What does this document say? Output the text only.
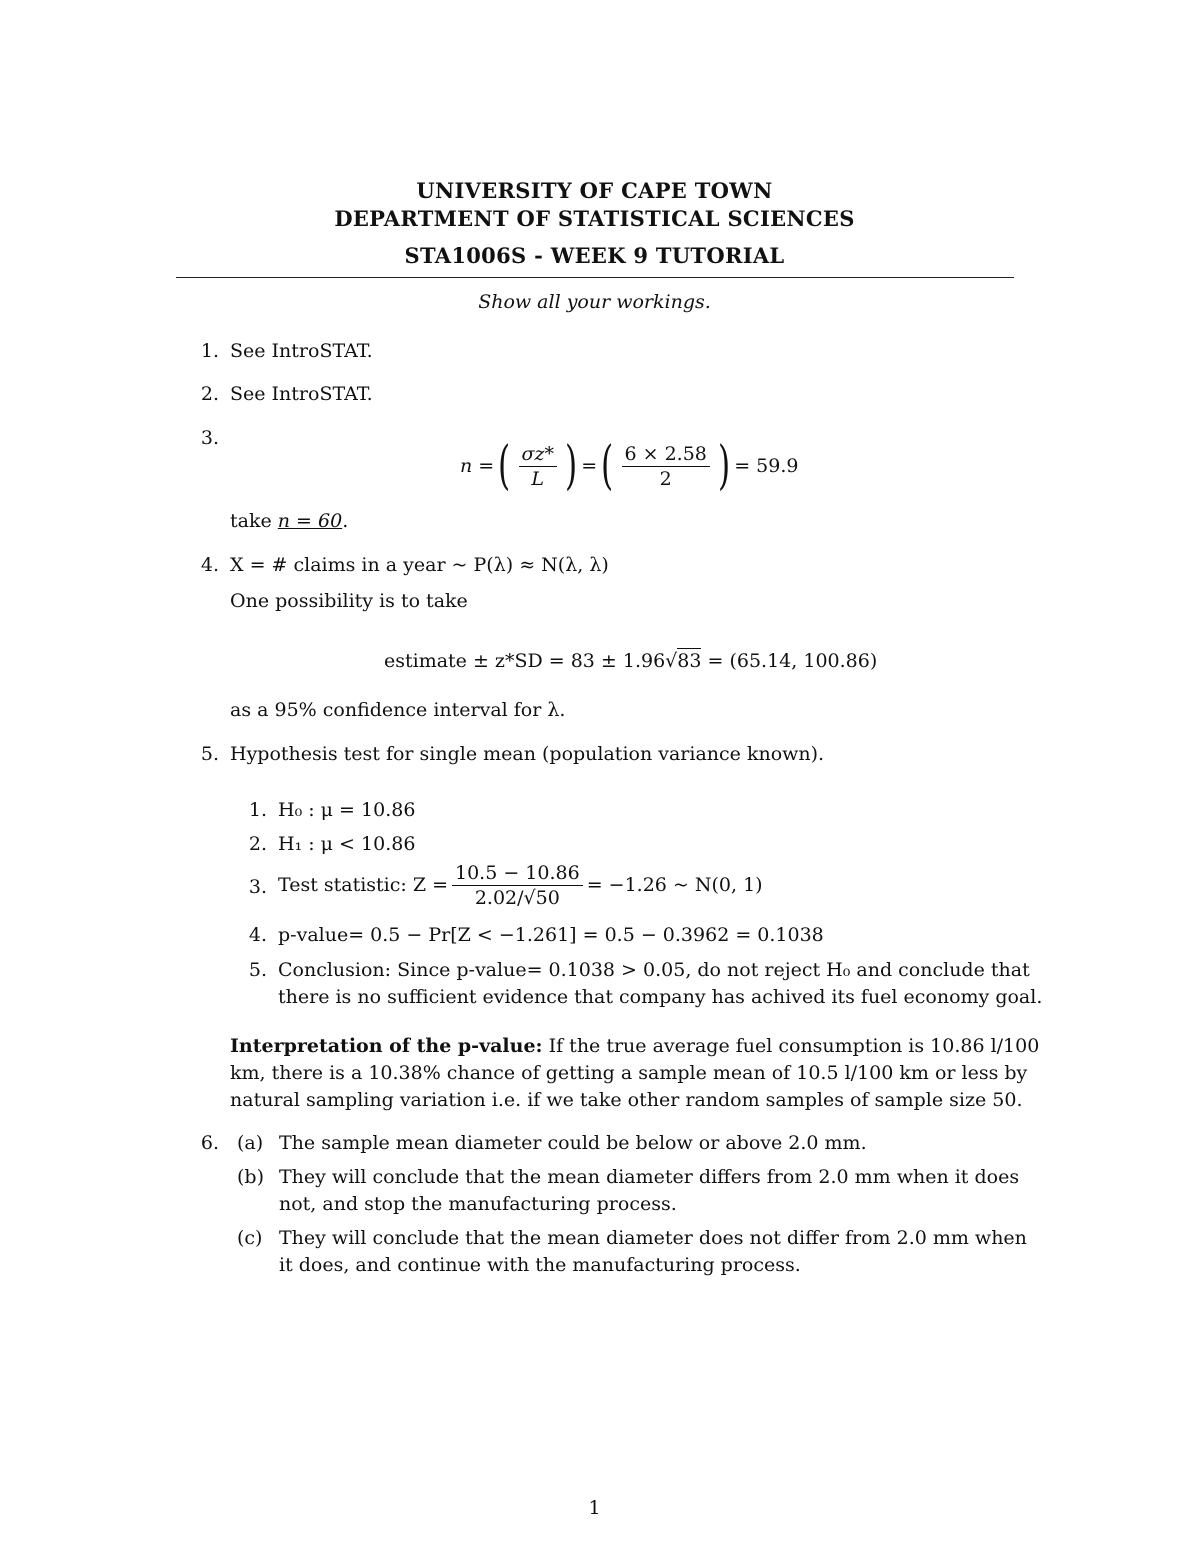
UNIVERSITY OF CAPE TOWN
DEPARTMENT OF STATISTICAL SCIENCES
STA1006S - WEEK 9 TUTORIAL
Show all your workings.
1. See IntroSTAT.
2. See IntroSTAT.
3.
n = ( $\frac{\sigma z*}{L}$ ) = ( $\frac{6 \times 2.58}{2}$ ) = 59.9
take n = 60.
4. X = # claims in a year ~ P(λ) ≈ N(λ, λ)
One possibility is to take
estimate ± z*SD = 83 ± 1.96√83 = (65.14, 100.86)
as a 95% confidence interval for λ.
5. Hypothesis test for single mean (population variance known).
1. H₀ : μ = 10.86
2. H₁ : μ < 10.86
3. Test statistic: $Z = \frac{10.5 - 10.86}{2.02/√50} = -1.26$ ~ N(0, 1)
4. p-value= 0.5 − Pr[Z < −1.261] = 0.5 − 0.3962 = 0.1038
5. Conclusion: Since p-value= 0.1038 > 0.05, do not reject H₀ and conclude that
there is no sufficient evidence that company has achived its fuel economy goal.
Interpretation of the p-value: If the true average fuel consumption is 10.86 l/100
km, there is a 10.38% chance of getting a sample mean of 10.5 l/100 km or less by
natural sampling variation i.e. if we take other random samples of sample size 50.
6. (a) The sample mean diameter could be below or above 2.0 mm.
(b) They will conclude that the mean diameter differs from 2.0 mm when it does
not, and stop the manufacturing process.
(c) They will conclude that the mean diameter does not differ from 2.0 mm when
it does, and continue with the manufacturing process.
1
